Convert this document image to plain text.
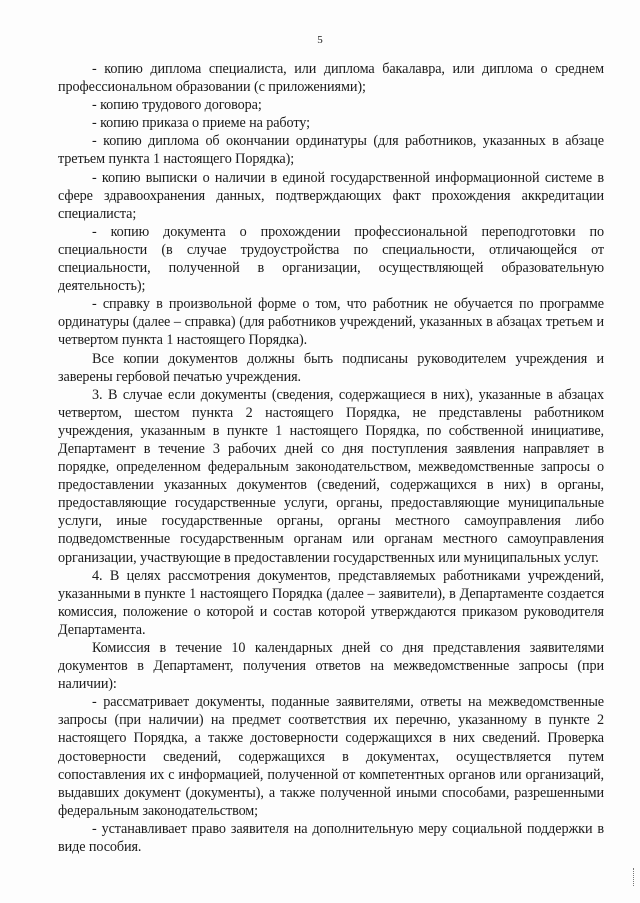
5

- копию диплома специалиста, или диплома бакалавра, или диплома о среднем профессиональном образовании (с приложениями);

- копию трудового договора;

- копию приказа о приеме на работу;

- копию диплома об окончании ординатуры (для работников, указанных в абзаце третьем пункта 1 настоящего Порядка);

- копию выписки о наличии в единой государственной информационной системе в сфере здравоохранения данных, подтверждающих факт прохождения аккредитации специалиста;

- копию документа о прохождении профессиональной переподготовки по специальности (в случае трудоустройства по специальности, отличающейся от специальности, полученной в организации, осуществляющей образовательную деятельность);

- справку в произвольной форме о том, что работник не обучается по программе ординатуры (далее – справка) (для работников учреждений, указанных в абзацах третьем и четвертом пункта 1 настоящего Порядка).

Все копии документов должны быть подписаны руководителем учреждения и заверены гербовой печатью учреждения.

3. В случае если документы (сведения, содержащиеся в них), указанные в абзацах четвертом, шестом пункта 2 настоящего Порядка, не представлены работником учреждения, указанным в пункте 1 настоящего Порядка, по собственной инициативе, Департамент в течение 3 рабочих дней со дня поступления заявления направляет в порядке, определенном федеральным законодательством, межведомственные запросы о предоставлении указанных документов (сведений, содержащихся в них) в органы, предоставляющие государственные услуги, органы, предоставляющие муниципальные услуги, иные государственные органы, органы местного самоуправления либо подведомственные государственным органам или органам местного самоуправления организации, участвующие в предоставлении государственных или муниципальных услуг.

4. В целях рассмотрения документов, представляемых работниками учреждений, указанными в пункте 1 настоящего Порядка (далее – заявители), в Департаменте создается комиссия, положение о которой и состав которой утверждаются приказом руководителя Департамента.

Комиссия в течение 10 календарных дней со дня представления заявителями документов в Департамент, получения ответов на межведомственные запросы (при наличии):

- рассматривает документы, поданные заявителями, ответы на межведомственные запросы (при наличии) на предмет соответствия их перечню, указанному в пункте 2 настоящего Порядка, а также достоверности содержащихся в них сведений. Проверка достоверности сведений, содержащихся в документах, осуществляется путем сопоставления их с информацией, полученной от компетентных органов или организаций, выдавших документ (документы), а также полученной иными способами, разрешенными федеральным законодательством;

- устанавливает право заявителя на дополнительную меру социальной поддержки в виде пособия.
